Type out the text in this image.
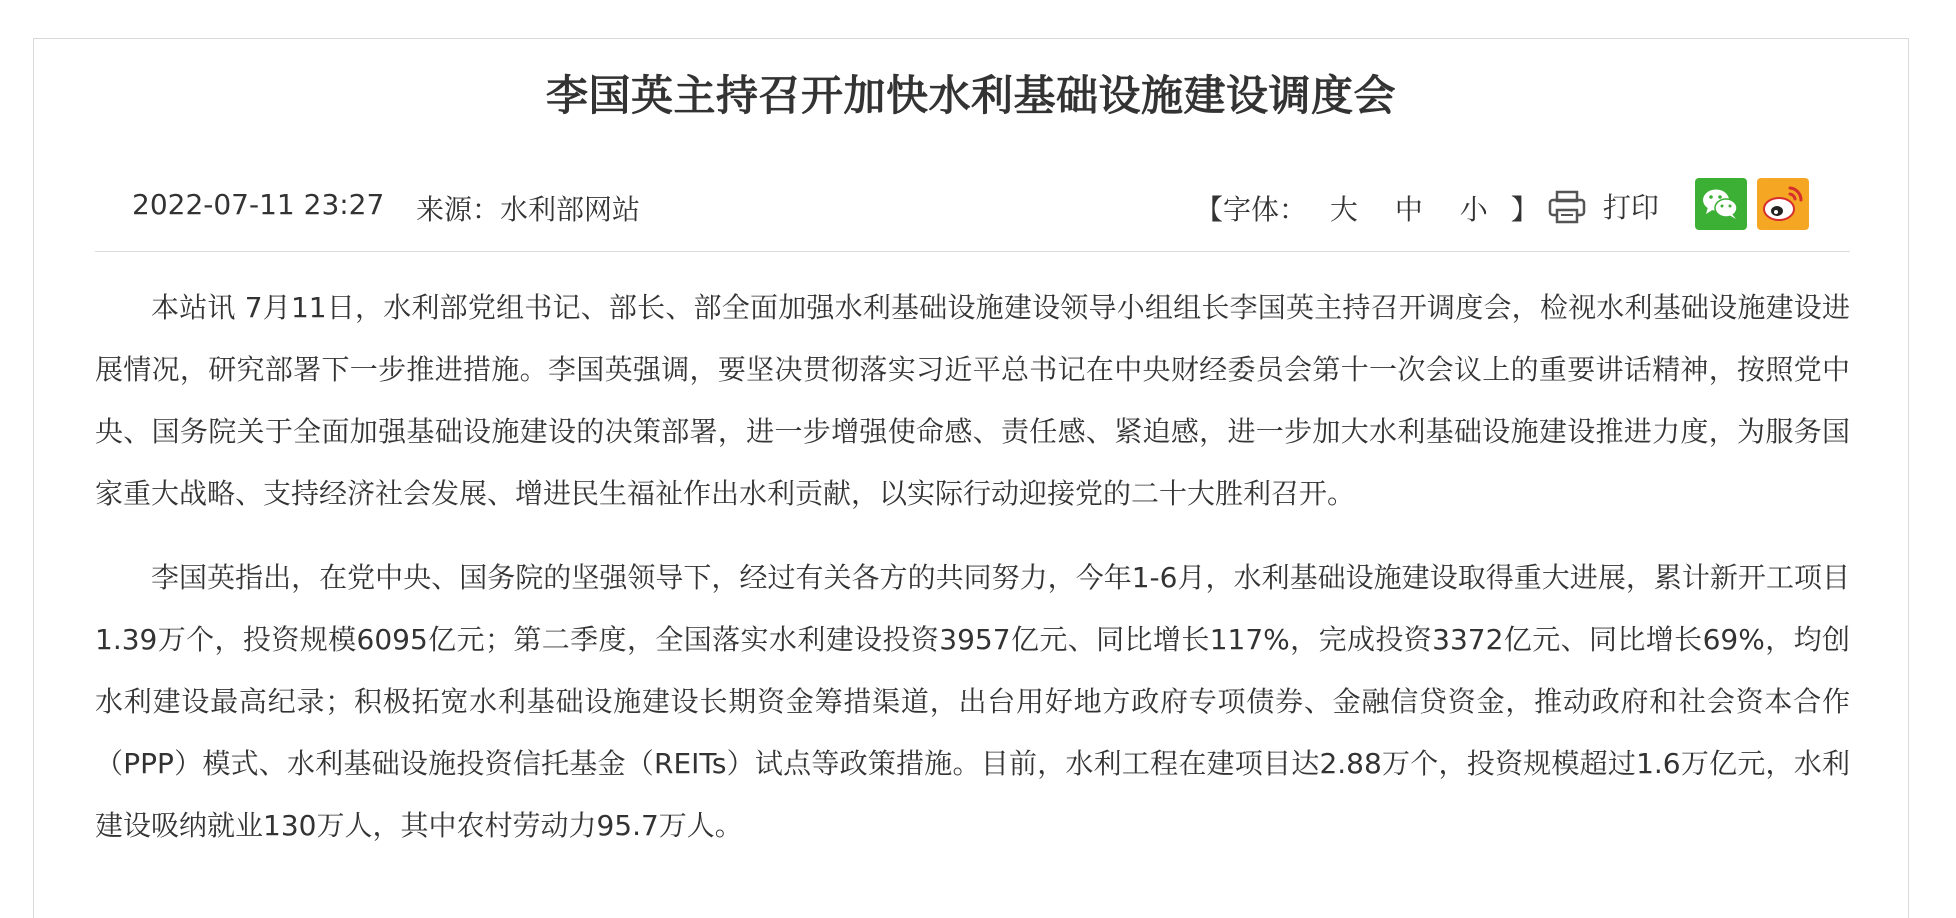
李国英主持召开加快水利基础设施建设调度会
2022-07-11 23:27 来源：水利部网站	【字体： 大 中 小 】	打印

本站讯 7月11日，水利部党组书记、部长、部全面加强水利基础设施建设领导小组组长李国英主持召开调度会，检视水利基础设施建设进展情况，研究部署下一步推进措施。李国英强调，要坚决贯彻落实习近平总书记在中央财经委员会第十一次会议上的重要讲话精神，按照党中央、国务院关于全面加强基础设施建设的决策部署，进一步增强使命感、责任感、紧迫感，进一步加大水利基础设施建设推进力度，为服务国家重大战略、支持经济社会发展、增进民生福祉作出水利贡献，以实际行动迎接党的二十大胜利召开。

李国英指出，在党中央、国务院的坚强领导下，经过有关各方的共同努力，今年1-6月，水利基础设施建设取得重大进展，累计新开工项目1.39万个，投资规模6095亿元；第二季度，全国落实水利建设投资3957亿元、同比增长117%，完成投资3372亿元、同比增长69%，均创水利建设最高纪录；积极拓宽水利基础设施建设长期资金筹措渠道，出台用好地方政府专项债券、金融信贷资金，推动政府和社会资本合作（PPP）模式、水利基础设施投资信托基金（REITs）试点等政策措施。目前，水利工程在建项目达2.88万个，投资规模超过1.6万亿元，水利建设吸纳就业130万人，其中农村劳动力95.7万人。
